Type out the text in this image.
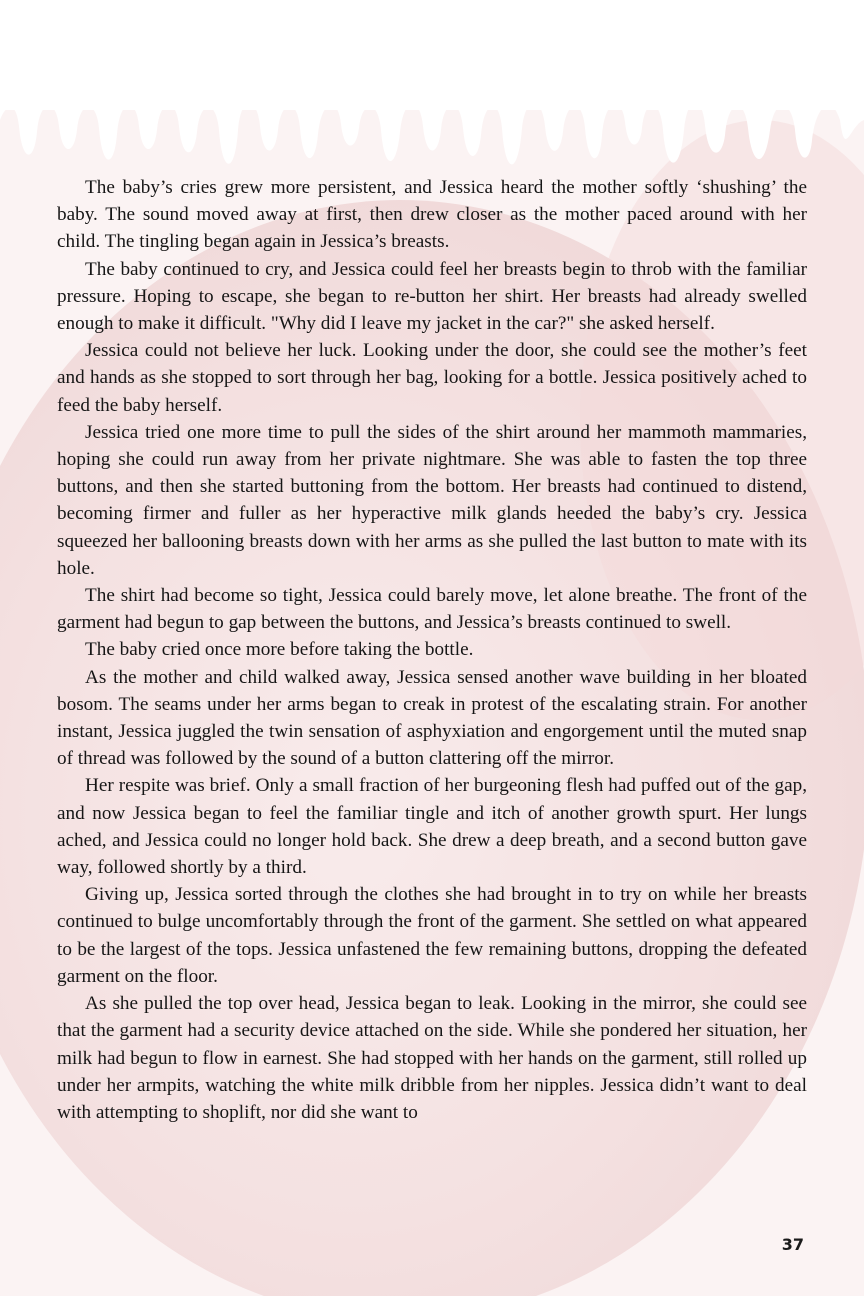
The baby’s cries grew more persistent, and Jessica heard the mother softly ‘shushing’ the baby. The sound moved away at first, then drew closer as the mother paced around with her child. The tingling began again in Jessica’s breasts.

The baby continued to cry, and Jessica could feel her breasts begin to throb with the familiar pressure. Hoping to escape, she began to re-button her shirt. Her breasts had already swelled enough to make it difficult. "Why did I leave my jacket in the car?" she asked herself.

Jessica could not believe her luck. Looking under the door, she could see the mother’s feet and hands as she stopped to sort through her bag, looking for a bottle. Jessica positively ached to feed the baby herself.

Jessica tried one more time to pull the sides of the shirt around her mammoth mammaries, hoping she could run away from her private nightmare. She was able to fasten the top three buttons, and then she started buttoning from the bottom. Her breasts had continued to distend, becoming firmer and fuller as her hyperactive milk glands heeded the baby’s cry. Jessica squeezed her ballooning breasts down with her arms as she pulled the last button to mate with its hole.

The shirt had become so tight, Jessica could barely move, let alone breathe. The front of the garment had begun to gap between the buttons, and Jessica’s breasts continued to swell.

The baby cried once more before taking the bottle.

As the mother and child walked away, Jessica sensed another wave building in her bloated bosom. The seams under her arms began to creak in protest of the escalating strain. For another instant, Jessica juggled the twin sensation of asphyxiation and engorgement until the muted snap of thread was followed by the sound of a button clattering off the mirror.

Her respite was brief. Only a small fraction of her burgeoning flesh had puffed out of the gap, and now Jessica began to feel the familiar tingle and itch of another growth spurt. Her lungs ached, and Jessica could no longer hold back. She drew a deep breath, and a second button gave way, followed shortly by a third.

Giving up, Jessica sorted through the clothes she had brought in to try on while her breasts continued to bulge uncomfortably through the front of the garment. She settled on what appeared to be the largest of the tops. Jessica unfastened the few remaining buttons, dropping the defeated garment on the floor.

As she pulled the top over head, Jessica began to leak. Looking in the mirror, she could see that the garment had a security device attached on the side. While she pondered her situation, her milk had begun to flow in earnest. She had stopped with her hands on the garment, still rolled up under her armpits, watching the white milk dribble from her nipples. Jessica didn’t want to deal with attempting to shoplift, nor did she want to

37
